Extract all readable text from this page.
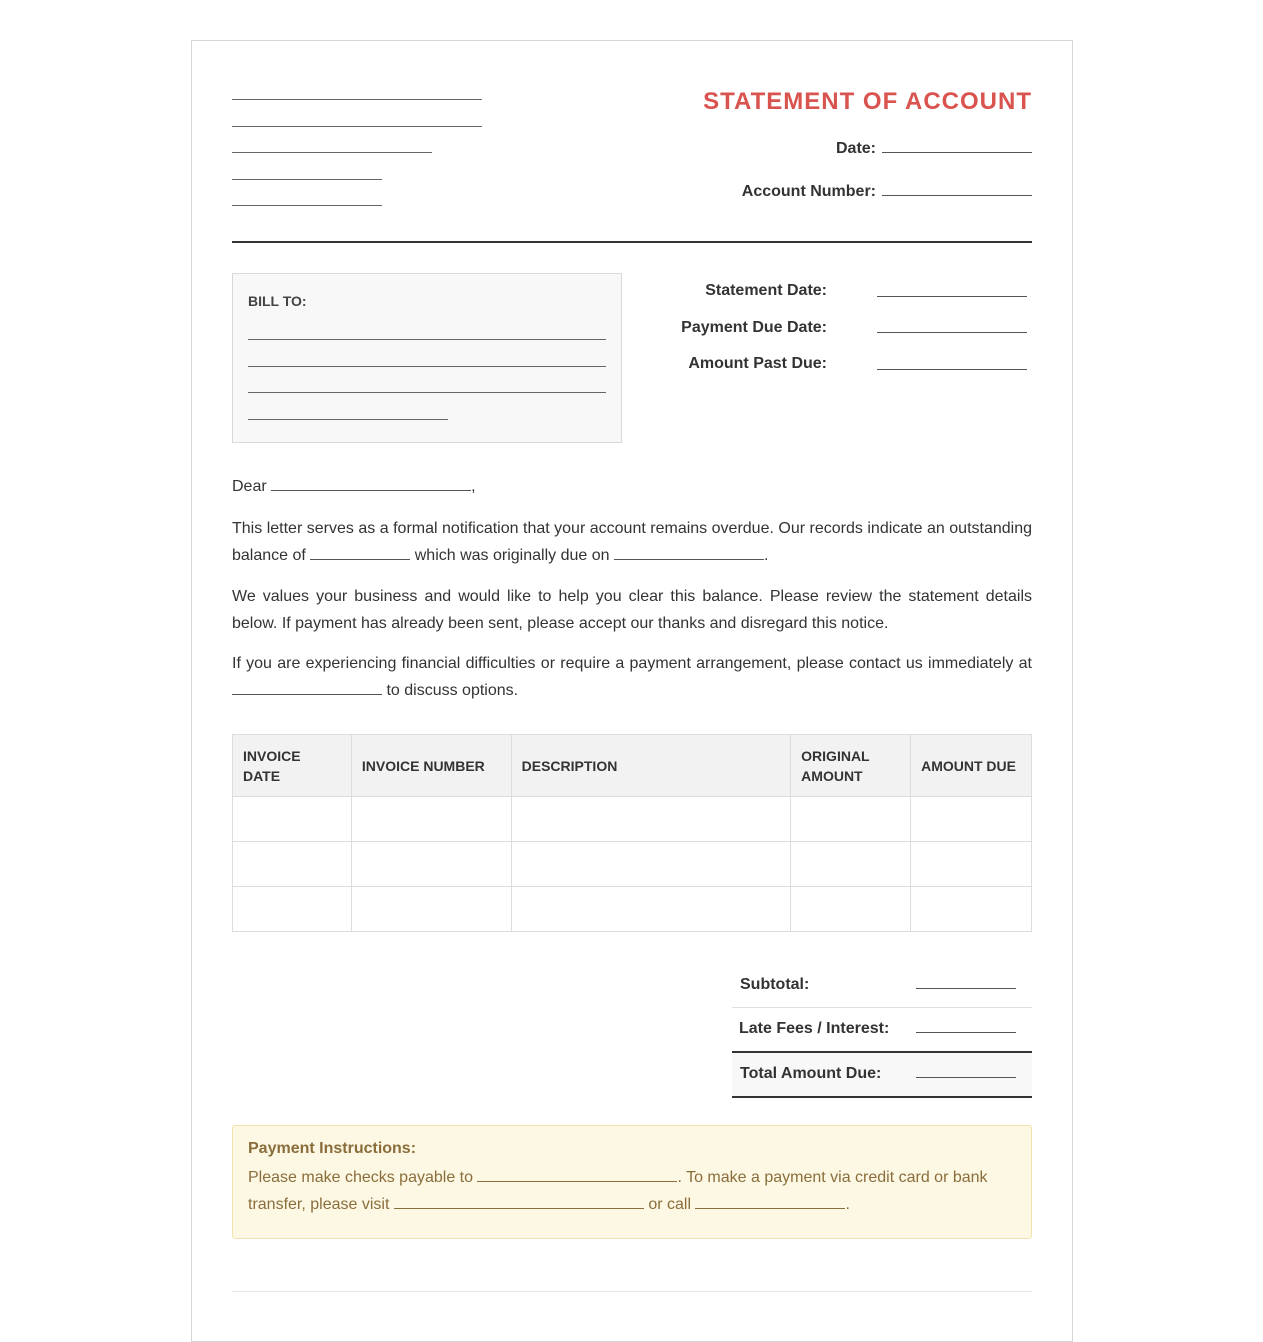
STATEMENT OF ACCOUNT
Date:
Account Number:
BILL TO:
Statement Date:
Payment Due Date:
Amount Past Due:
Dear	,
This letter serves as a formal notification that your account remains overdue. Our records indicate an outstanding balance of	which was originally due on	.
We values your business and would like to help you clear this balance. Please review the statement details below. If payment has already been sent, please accept our thanks and disregard this notice.
If you are experiencing financial difficulties or require a payment arrangement, please contact us immediately at  to discuss options.
INVOICE DATE	INVOICE NUMBER	DESCRIPTION	ORIGINAL AMOUNT	AMOUNT DUE

Subtotal:
Late Fees / Interest:
Total Amount Due:
Payment Instructions:
Please make checks payable to	. To make a payment via credit card or bank transfer, please visit	or call	.
